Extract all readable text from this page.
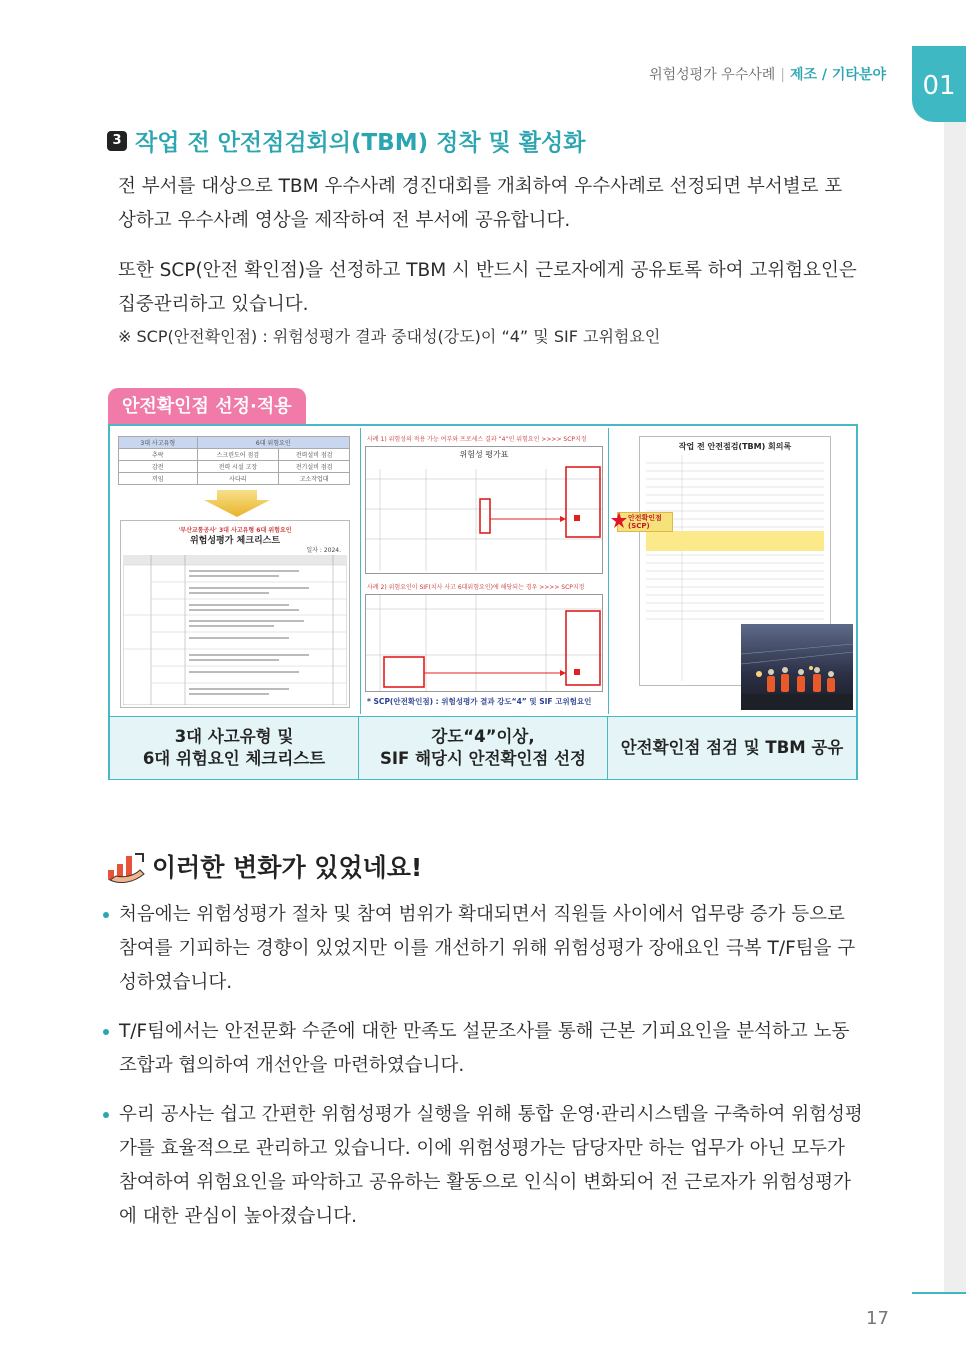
01
위험성평가 우수사례 | 제조 / 기타분야
3 작업 전 안전점검회의(TBM) 정착 및 활성화
전 부서를 대상으로 TBM 우수사례 경진대회를 개최하여 우수사례로 선정되면 부서별로 포상하고 우수사례 영상을 제작하여 전 부서에 공유합니다.
또한 SCP(안전 확인점)을 선정하고 TBM 시 반드시 근로자에게 공유토록 하여 고위험요인은 집중관리하고 있습니다.
※ SCP(안전확인점) : 위험성평가 결과 중대성(강도)이 “4” 및 SIF 고위험요인
안전확인점 선정·적용
3대 사고유형	6대 위험요인	
추락	스크린도어 점검	전력설비 점검
감전	전력 시설 고장	전기설비 점검
끼임	사다리	고소작업대
'부산교통공사' 3대 사고유형 6대 위험요인
위험성평가 체크리스트
일자 : 2024.
사례 1) 위험성의 적용 가능 여부와 프로세스 결과 “4”인 위험요인 >>>> SCP지정
위험성 평가표
사례 2) 위험요인이 SIF(치사 사고 6대위험요인)에 해당되는 경우 >>>> SCP지정
* SCP(안전확인점) : 위험성평가 결과 강도“4” 및 SIF 고위험요인
작업 전 안전점검(TBM) 회의록
안전확인점 (SCP)
3대 사고유형 및
6대 위험요인 체크리스트
강도“4”이상,
SIF 해당시 안전확인점 선정
안전확인점 점검 및 TBM 공유
이러한 변화가 있었네요!
처음에는 위험성평가 절차 및 참여 범위가 확대되면서 직원들 사이에서 업무량 증가 등으로 참여를 기피하는 경향이 있었지만 이를 개선하기 위해 위험성평가 장애요인 극복 T/F팀을 구성하였습니다.
T/F팀에서는 안전문화 수준에 대한 만족도 설문조사를 통해 근본 기피요인을 분석하고 노동조합과 협의하여 개선안을 마련하였습니다.
우리 공사는 쉽고 간편한 위험성평가 실행을 위해 통합 운영·관리시스템을 구축하여 위험성평가를 효율적으로 관리하고 있습니다. 이에 위험성평가는 담당자만 하는 업무가 아닌 모두가 참여하여 위험요인을 파악하고 공유하는 활동으로 인식이 변화되어 전 근로자가 위험성평가에 대한 관심이 높아졌습니다.
17
